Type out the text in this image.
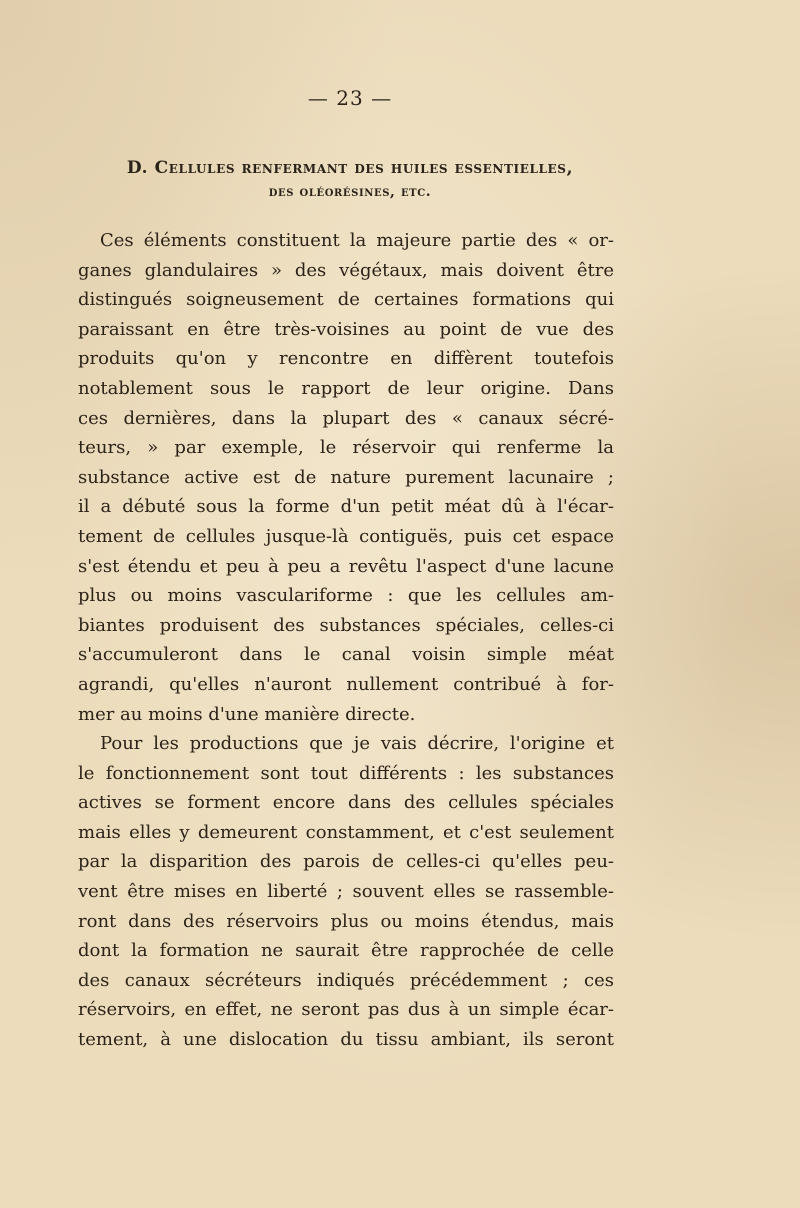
— 23 —
D. Cellules renfermant des huiles essentielles,
des oléorésines, etc.
Ces éléments constituent la majeure partie des « or-
ganes glandulaires » des végétaux, mais doivent être
distingués soigneusement de certaines formations qui
paraissant en être très-voisines au point de vue des
produits qu'on y rencontre en diffèrent toutefois
notablement sous le rapport de leur origine. Dans
ces dernières, dans la plupart des « canaux sécré-
teurs, » par exemple, le réservoir qui renferme la
substance active est de nature purement lacunaire ;
il a débuté sous la forme d'un petit méat dû à l'écar-
tement de cellules jusque-là contiguës, puis cet espace
s'est étendu et peu à peu a revêtu l'aspect d'une lacune
plus ou moins vasculariforme : que les cellules am-
biantes produisent des substances spéciales, celles-ci
s'accumuleront dans le canal voisin simple méat
agrandi, qu'elles n'auront nullement contribué à for-
mer au moins d'une manière directe.
Pour les productions que je vais décrire, l'origine et
le fonctionnement sont tout différents : les substances
actives se forment encore dans des cellules spéciales
mais elles y demeurent constamment, et c'est seulement
par la disparition des parois de celles-ci qu'elles peu-
vent être mises en liberté ; souvent elles se rassemble-
ront dans des réservoirs plus ou moins étendus, mais
dont la formation ne saurait être rapprochée de celle
des canaux sécréteurs indiqués précédemment ; ces
réservoirs, en effet, ne seront pas dus à un simple écar-
tement, à une dislocation du tissu ambiant, ils seront
